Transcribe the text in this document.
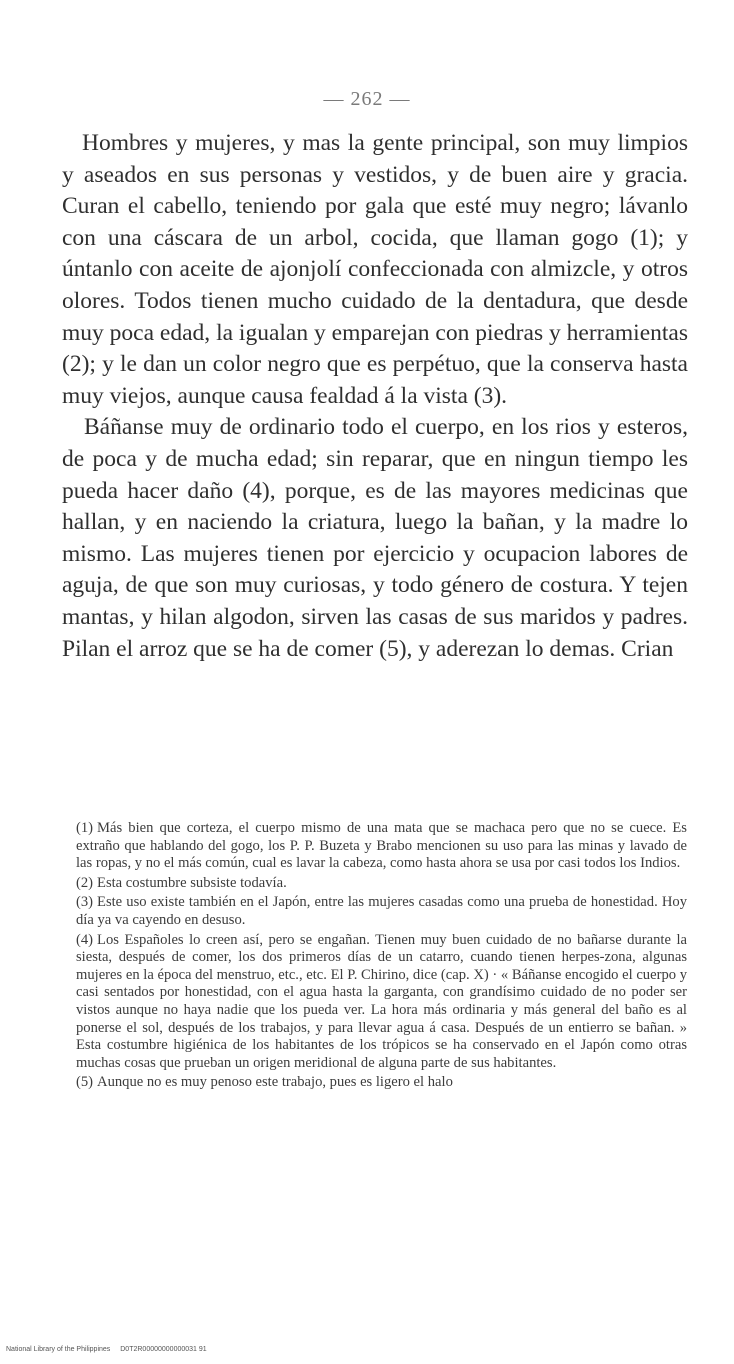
— 262 —

Hombres y mujeres, y mas la gente principal, son muy limpios y aseados en sus personas y vestidos, y de buen aire y gracia. Curan el cabello, teniendo por gala que esté muy negro; lávanlo con una cáscara de un arbol, cocida, que llaman gogo (1); y úntanlo con aceite de ajonjolí confeccionada con almizcle, y otros olores. Todos tienen mucho cuidado de la dentadura, que desde muy poca edad, la igualan y emparejan con piedras y herramientas (2); y le dan un color negro que es perpétuo, que la conserva hasta muy viejos, aunque causa fealdad á la vista (3).

Báñanse muy de ordinario todo el cuerpo, en los rios y esteros, de poca y de mucha edad; sin reparar, que en ningun tiempo les pueda hacer daño (4), porque, es de las mayores medicinas que hallan, y en naciendo la criatura, luego la bañan, y la madre lo mismo. Las mujeres tienen por ejercicio y ocupacion labores de aguja, de que son muy curiosas, y todo género de costura. Y tejen mantas, y hilan algodon, sirven las casas de sus maridos y padres. Pilan el arroz que se ha de comer (5), y aderezan lo demas. Crian

(1) Más bien que corteza, el cuerpo mismo de una mata que se machaca pero que no se cuece. Es extraño que hablando del gogo, los P. P. Buzeta y Brabo mencionen su uso para las minas y lavado de las ropas, y no el más común, cual es lavar la cabeza, como hasta ahora se usa por casi todos los Indios.

(2) Esta costumbre subsiste todavía.

(3) Este uso existe también en el Japón, entre las mujeres casadas como una prueba de honestidad. Hoy día ya va cayendo en desuso.

(4) Los Españoles lo creen así, pero se engañan. Tienen muy buen cuidado de no bañarse durante la siesta, después de comer, los dos primeros días de un catarro, cuando tienen herpes-zona, algunas mujeres en la época del menstruo, etc., etc. El P. Chirino, dice (cap. X) · « Báñanse encogido el cuerpo y casi sentados por honestidad, con el agua hasta la garganta, con grandísimo cuidado de no poder ser vistos aunque no haya nadie que los pueda ver. La hora más ordinaria y más general del baño es al ponerse el sol, después de los trabajos, y para llevar agua á casa. Después de un entierro se bañan. » Esta costumbre higiénica de los habitantes de los trópicos se ha conservado en el Japón como otras muchas cosas que prueban un origen meridional de alguna parte de sus habitantes.

(5) Aunque no es muy penoso este trabajo, pues es ligero el halo

National Library of the Philippines D0T2R00000000000031 91
